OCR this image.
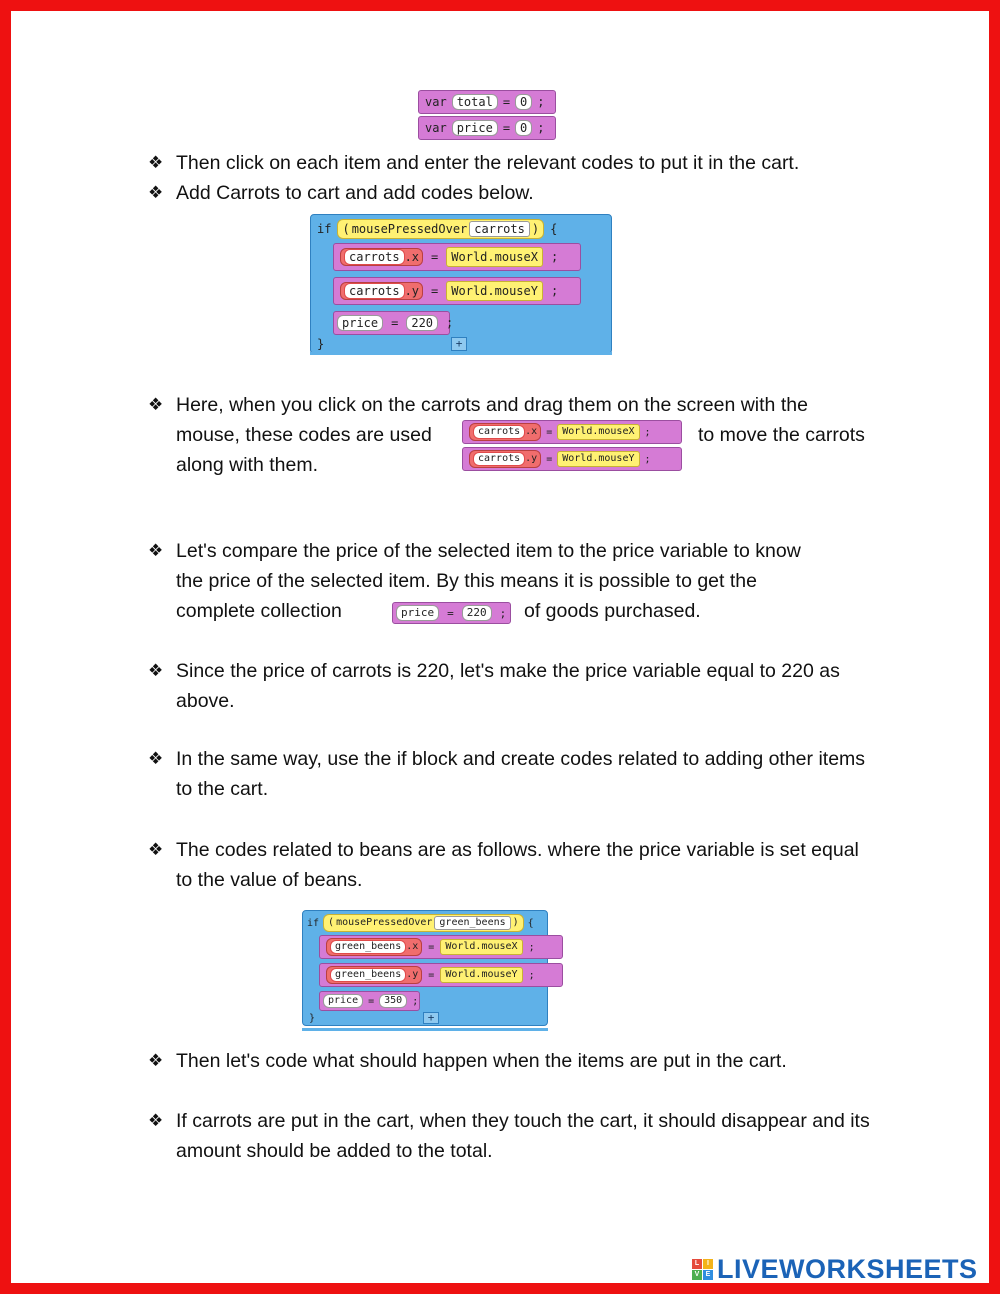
var total = 0 ;
var price = 0 ;
❖ Then click on each item and enter the relevant codes to put it in the cart.
❖ Add Carrots to cart and add codes below.
if ( mousePressedOver carrots ) {
carrots .x = World .mouseX ;
carrots .y = World .mouseY ;
price	=	220	;
}	+
❖ Here, when you click on the carrots and drag them on the screen with the
mouse, these codes are used	to move the carrots
along with them.
carrots .x = World .mouseX ;
carrots .y = World .mouseY ;
❖ Let's compare the price of the selected item to the price variable to know
the price of the selected item. By this means it is possible to get the
complete collection	of goods purchased.
price	=	220	;
❖ Since the price of carrots is 220, let's make the price variable equal to 220 as above.
❖ In the same way, use the if block and create codes related to adding other items to the cart.
❖ The codes related to beans are as follows. where the price variable is set equal to the value of beans.
if ( mousePressedOver green_beens ) {
green_beens .x = World .mouseX ;
green_beens .y = World .mouseY ;
price	=	350	;
}	+
❖ Then let's code what should happen when the items are put in the cart.
❖ If carrots are put in the cart, when they touch the cart, it should disappear and its amount should be added to the total.
L	I
V E LIVEWORKSHEETS
